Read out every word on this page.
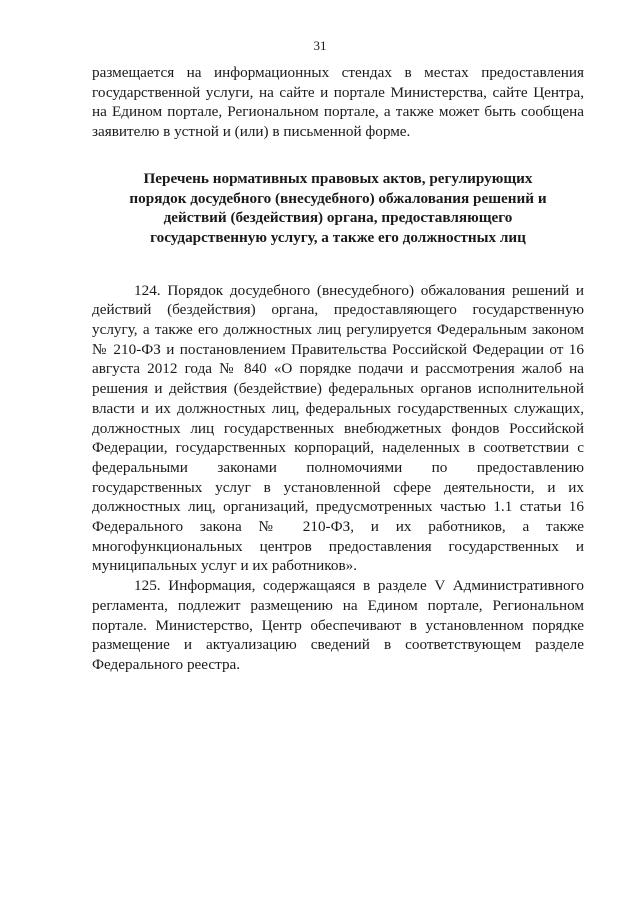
31

размещается на информационных стендах в местах предоставления государственной услуги, на сайте и портале Министерства, сайте Центра, на Едином портале, Региональном портале, а также может быть сообщена заявителю в устной и (или) в письменной форме.

Перечень нормативных правовых актов, регулирующих порядок досудебного (внесудебного) обжалования решений и действий (бездействия) органа, предоставляющего государственную услугу, а также его должностных лиц

124. Порядок досудебного (внесудебного) обжалования решений и действий (бездействия) органа, предоставляющего государственную услугу, а также его должностных лиц регулируется Федеральным законом № 210-ФЗ и постановлением Правительства Российской Федерации от 16 августа 2012 года № 840 «О порядке подачи и рассмотрения жалоб на решения и действия (бездействие) федеральных органов исполнительной власти и их должностных лиц, федеральных государственных служащих, должностных лиц государственных внебюджетных фондов Российской Федерации, государственных корпораций, наделенных в соответствии с федеральными законами полномочиями по предоставлению государственных услуг в установленной сфере деятельности, и их должностных лиц, организаций, предусмотренных частью 1.1 статьи 16 Федерального закона № 210-ФЗ, и их работников, а также многофункциональных центров предоставления государственных и муниципальных услуг и их работников».

125. Информация, содержащаяся в разделе V Административного регламента, подлежит размещению на Едином портале, Региональном портале. Министерство, Центр обеспечивают в установленном порядке размещение и актуализацию сведений в соответствующем разделе Федерального реестра.
